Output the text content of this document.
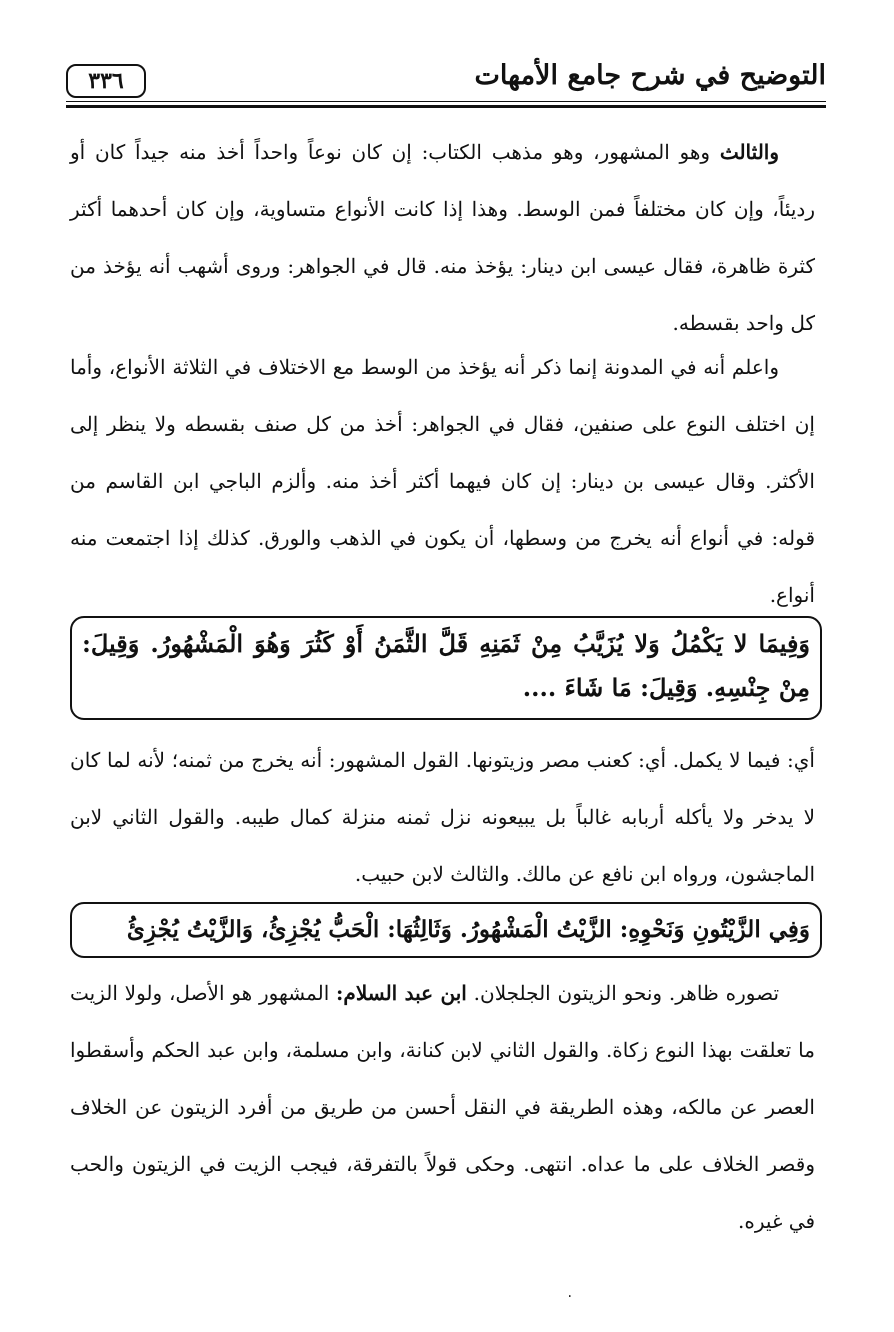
التوضيح في شرح جامع الأمهات
٣٣٦
والثالث وهو المشهور، وهو مذهب الكتاب: إن كان نوعاً واحداً أخذ منه جيداً كان أو رديئاً، وإن كان مختلفاً فمن الوسط. وهذا إذا كانت الأنواع متساوية، وإن كان أحدهما أكثر كثرة ظاهرة، فقال عيسى ابن دينار: يؤخذ منه. قال في الجواهر: وروى أشهب أنه يؤخذ من كل واحد بقسطه.
واعلم أنه في المدونة إنما ذكر أنه يؤخذ من الوسط مع الاختلاف في الثلاثة الأنواع، وأما إن اختلف النوع على صنفين، فقال في الجواهر: أخذ من كل صنف بقسطه ولا ينظر إلى الأكثر. وقال عيسى بن دينار: إن كان فيهما أكثر أخذ منه. وألزم الباجي ابن القاسم من قوله: في أنواع أنه يخرج من وسطها، أن يكون في الذهب والورق. كذلك إذا اجتمعت منه أنواع.
وَفِيمَا لا يَكْمُلُ وَلا يُزَيَّبُ مِنْ ثَمَنِهِ قَلَّ الثَّمَنُ أَوْ كَثُرَ وَهُوَ الْمَشْهُورُ. وَقِيلَ: مِنْ جِنْسِهِ. وَقِيلَ: مَا شَاءَ ....
أي: فيما لا يكمل. أي: كعنب مصر وزيتونها. القول المشهور: أنه يخرج من ثمنه؛ لأنه لما كان لا يدخر ولا يأكله أربابه غالباً بل يبيعونه نزل ثمنه منزلة كمال طيبه. والقول الثاني لابن الماجشون، ورواه ابن نافع عن مالك. والثالث لابن حبيب.
وَفِي الزَّيْتُونِ وَنَحْوِهِ: الزَّيْتُ الْمَشْهُورُ. وَثَالِثُهَا: الْحَبُّ يُجْزِئُ، وَالزَّيْتُ يُجْزِئُ
تصوره ظاهر. ونحو الزيتون الجلجلان. ابن عبد السلام: المشهور هو الأصل، ولولا الزيت ما تعلقت بهذا النوع زكاة. والقول الثاني لابن كنانة، وابن مسلمة، وابن عبد الحكم وأسقطوا العصر عن مالكه، وهذه الطريقة في النقل أحسن من طريق من أفرد الزيتون عن الخلاف وقصر الخلاف على ما عداه. انتهى. وحكى قولاً بالتفرقة، فيجب الزيت في الزيتون والحب في غيره.
٠
